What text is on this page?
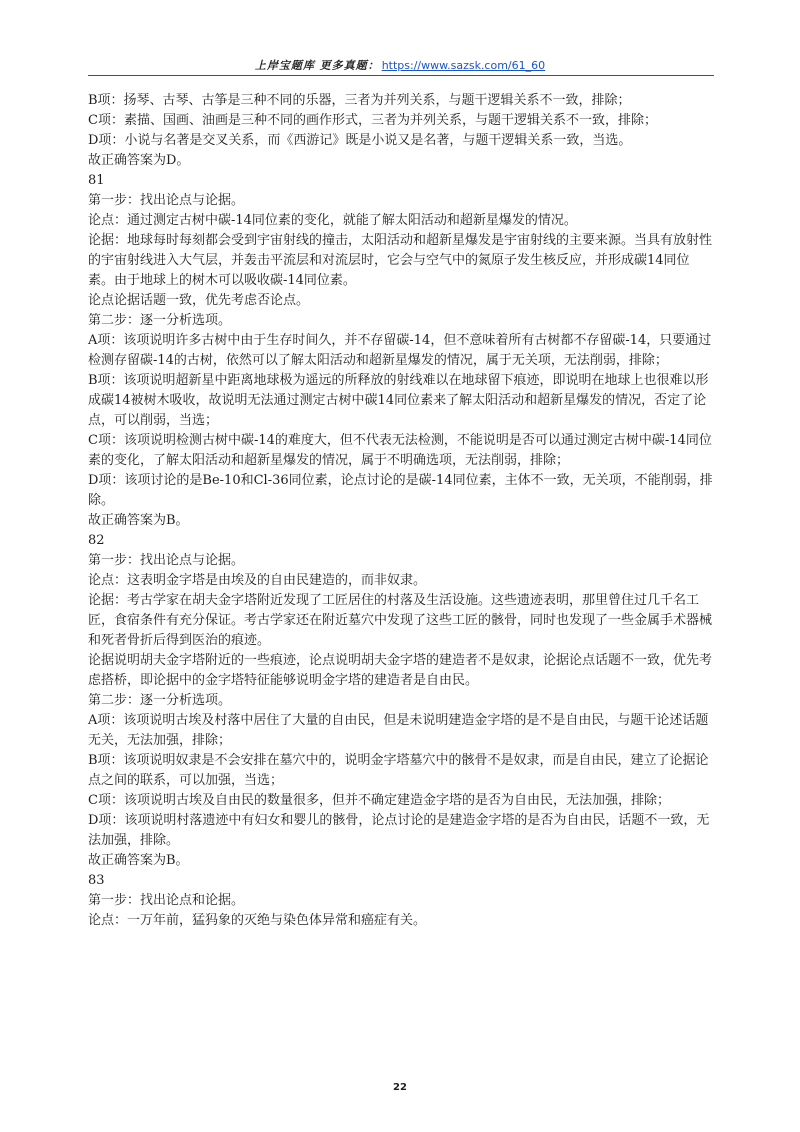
上岸宝题库 更多真题： https://www.sazsk.com/61_60

B项：扬琴、古琴、古筝是三种不同的乐器，三者为并列关系，与题干逻辑关系不一致，排除；

C项：素描、国画、油画是三种不同的画作形式，三者为并列关系，与题干逻辑关系不一致，排除；

D项：小说与名著是交叉关系，而《西游记》既是小说又是名著，与题干逻辑关系一致，当选。

故正确答案为D。

81

第一步：找出论点与论据。

论点：通过测定古树中碳-14同位素的变化，就能了解太阳活动和超新星爆发的情况。

论据：地球每时每刻都会受到宇宙射线的撞击，太阳活动和超新星爆发是宇宙射线的主要来源。当具有放射性的宇宙射线进入大气层，并轰击平流层和对流层时，它会与空气中的氮原子发生核反应，并形成碳14同位素。由于地球上的树木可以吸收碳-14同位素。

论点论据话题一致，优先考虑否论点。

第二步：逐一分析选项。

A项：该项说明许多古树中由于生存时间久，并不存留碳-14，但不意味着所有古树都不存留碳-14，只要通过检测存留碳-14的古树，依然可以了解太阳活动和超新星爆发的情况，属于无关项，无法削弱，排除；

B项：该项说明超新星中距离地球极为遥远的所释放的射线难以在地球留下痕迹，即说明在地球上也很难以形成碳14被树木吸收，故说明无法通过测定古树中碳14同位素来了解太阳活动和超新星爆发的情况，否定了论点，可以削弱，当选；

C项：该项说明检测古树中碳-14的难度大，但不代表无法检测，不能说明是否可以通过测定古树中碳-14同位素的变化，了解太阳活动和超新星爆发的情况，属于不明确选项，无法削弱，排除；

D项：该项讨论的是Be-10和Cl-36同位素，论点讨论的是碳-14同位素，主体不一致，无关项，不能削弱，排除。

故正确答案为B。

82

第一步：找出论点与论据。

论点：这表明金字塔是由埃及的自由民建造的，而非奴隶。

论据：考古学家在胡夫金字塔附近发现了工匠居住的村落及生活设施。这些遗迹表明，那里曾住过几千名工匠，食宿条件有充分保证。考古学家还在附近墓穴中发现了这些工匠的骸骨，同时也发现了一些金属手术器械和死者骨折后得到医治的痕迹。

论据说明胡夫金字塔附近的一些痕迹，论点说明胡夫金字塔的建造者不是奴隶，论据论点话题不一致，优先考虑搭桥，即论据中的金字塔特征能够说明金字塔的建造者是自由民。

第二步：逐一分析选项。

A项：该项说明古埃及村落中居住了大量的自由民，但是未说明建造金字塔的是不是自由民，与题干论述话题无关，无法加强，排除；

B项：该项说明奴隶是不会安排在墓穴中的，说明金字塔墓穴中的骸骨不是奴隶，而是自由民，建立了论据论点之间的联系，可以加强，当选；

C项：该项说明古埃及自由民的数量很多，但并不确定建造金字塔的是否为自由民，无法加强，排除；

D项：该项说明村落遗迹中有妇女和婴儿的骸骨，论点讨论的是建造金字塔的是否为自由民，话题不一致，无法加强，排除。

故正确答案为B。

83

第一步：找出论点和论据。

论点：一万年前，猛犸象的灭绝与染色体异常和癌症有关。

22
